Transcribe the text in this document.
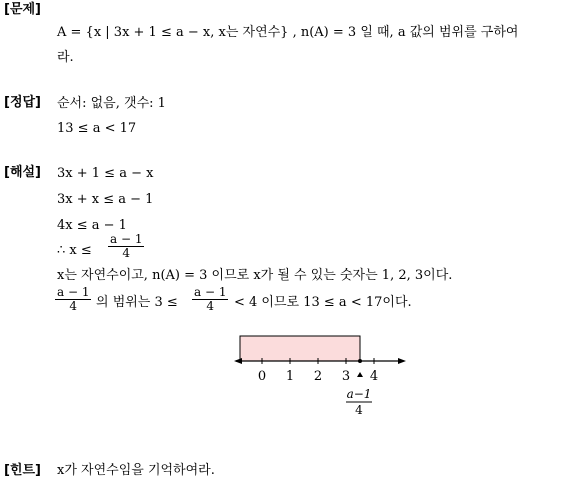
[문제]
A = {x | 3x + 1 ≤ a − x, x는 자연수} , n(A) = 3 일 때, a 값의 범위를 구하여
라.
[정답] 순서: 없음, 갯수: 1
13 ≤ a < 17
[해설] 3x + 1 ≤ a − x
3x + x ≤ a − 1
4x ≤ a − 1
∴ $x \le \frac{a - 1}{4}$
x는 자연수이고, n(A) = 3 이므로 x가 될 수 있는 숫자는 1, 2, 3이다.
$\frac{a - 1}{4}$ 의 범위는 $3 \le \frac{a - 1}{4} < 4$ 이므로 13 ≤ a < 17이다.
0 1 2 3 4
a−1
4
[힌트] x가 자연수임을 기억하여라.
